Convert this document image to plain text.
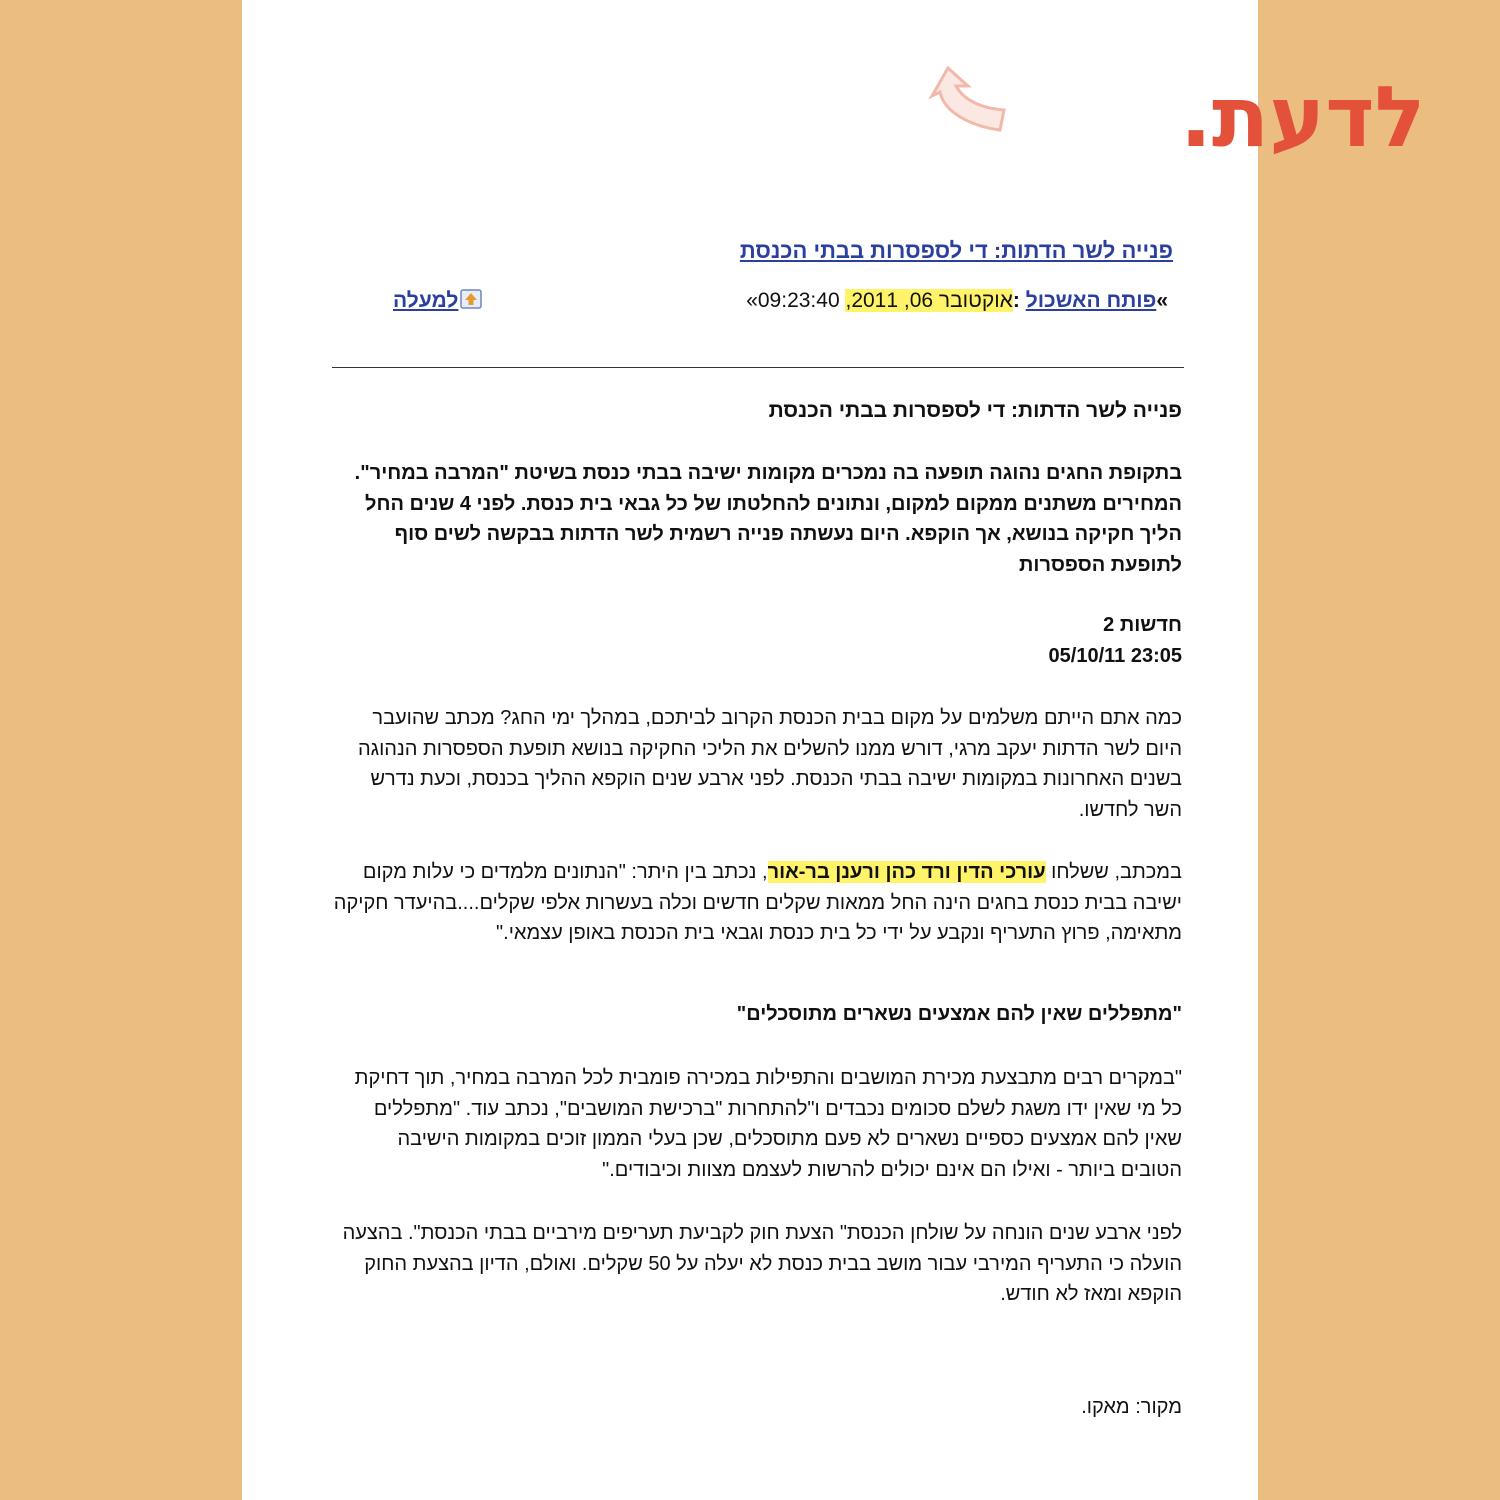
לדעת.
פנייה לשר הדתות: די לספסרות בבתי הכנסת
»פותח האשכול :אוקטובר 06, 2011, 09:23:40»
למעלה
פנייה לשר הדתות: די לספסרות בבתי הכנסת
בתקופת החגים נהוגה תופעה בה נמכרים מקומות ישיבה בבתי כנסת בשיטת "המרבה במחיר". המחירים משתנים ממקום למקום, ונתונים להחלטתו של כל גבאי בית כנסת. לפני 4 שנים החל הליך חקיקה בנושא, אך הוקפא. היום נעשתה פנייה רשמית לשר הדתות בבקשה לשים סוף לתופעת הספסרות
חדשות 2
05/10/11 23:05
כמה אתם הייתם משלמים על מקום בבית הכנסת הקרוב לביתכם, במהלך ימי החג? מכתב שהועבר היום לשר הדתות יעקב מרגי, דורש ממנו להשלים את הליכי החקיקה בנושא תופעת הספסרות הנהוגה בשנים האחרונות במקומות ישיבה בבתי הכנסת. לפני ארבע שנים הוקפא ההליך בכנסת, וכעת נדרש השר לחדשו.
במכתב, ששלחו עורכי הדין ורד כהן ורענן בר-אור, נכתב בין היתר: "הנתונים מלמדים כי עלות מקום ישיבה בבית כנסת בחגים הינה החל ממאות שקלים חדשים וכלה בעשרות אלפי שקלים....בהיעדר חקיקה מתאימה, פרוץ התעריף ונקבע על ידי כל בית כנסת וגבאי בית הכנסת באופן עצמאי."
"מתפללים שאין להם אמצעים נשארים מתוסכלים"
"במקרים רבים מתבצעת מכירת המושבים והתפילות במכירה פומבית לכל המרבה במחיר, תוך דחיקת כל מי שאין ידו משגת לשלם סכומים נכבדים ו"להתחרות "ברכישת המושבים", נכתב עוד. "מתפללים שאין להם אמצעים כספיים נשארים לא פעם מתוסכלים, שכן בעלי הממון זוכים במקומות הישיבה הטובים ביותר - ואילו הם אינם יכולים להרשות לעצמם מצוות וכיבודים."
לפני ארבע שנים הונחה על שולחן הכנסת" הצעת חוק לקביעת תעריפים מירביים בבתי הכנסת". בהצעה הועלה כי התעריף המירבי עבור מושב בבית כנסת לא יעלה על 50 שקלים. ואולם, הדיון בהצעת החוק הוקפא ומאז לא חודש.
מקור: מאקו.
